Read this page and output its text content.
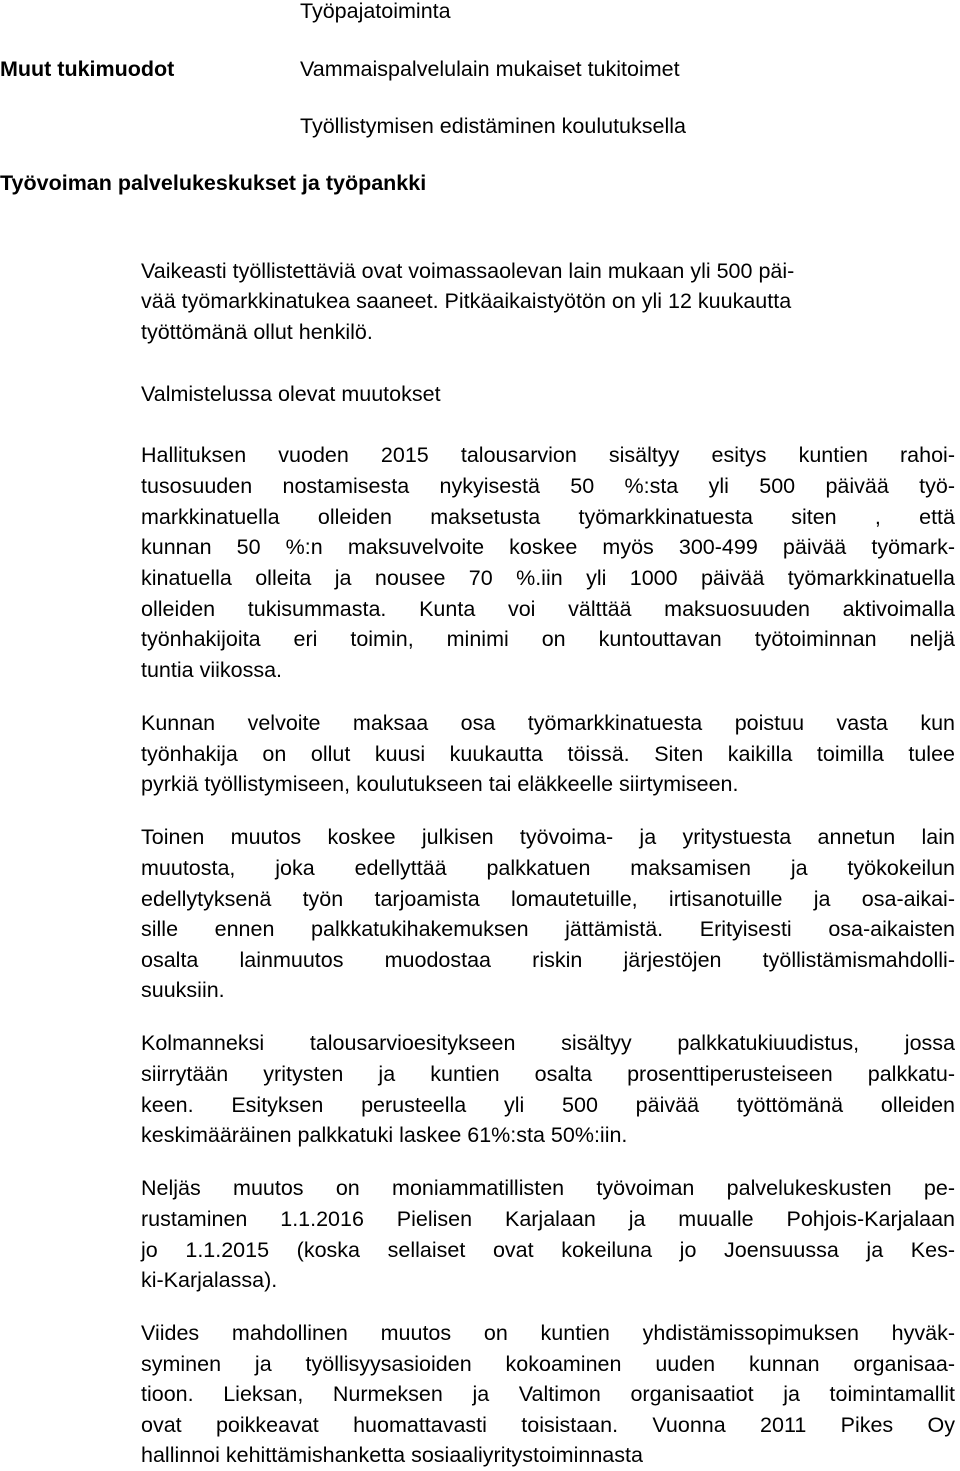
Työpajatoiminta
Muut tukimuodot	Vammaispalvelulain mukaiset tukitoimet
Työllistymisen edistäminen koulutuksella
Työvoiman palvelukeskukset ja työpankki
Vaikeasti työllistettäviä ovat voimassaolevan lain mukaan yli 500 päi-
vää työmarkkinatukea saaneet. Pitkäaikaistyötön on yli 12 kuukautta
työttömänä ollut henkilö.
Valmistelussa olevat muutokset
Hallituksen vuoden 2015 talousarvion sisältyy esitys kuntien rahoi-
tusosuuden nostamisesta nykyisestä 50 %:sta yli 500 päivää työ-
markkinatuella olleiden maksetusta työmarkkinatuesta siten , että
kunnan 50 %:n maksuvelvoite koskee myös 300-499 päivää työmark-
kinatuella olleita ja nousee 70 %.iin yli 1000 päivää työmarkkinatuella
olleiden tukisummasta. Kunta voi välttää maksuosuuden aktivoimalla
työnhakijoita eri toimin, minimi on kuntouttavan työtoiminnan neljä
tuntia viikossa.
Kunnan velvoite maksaa osa työmarkkinatuesta poistuu vasta kun
työnhakija on ollut kuusi kuukautta töissä. Siten kaikilla toimilla tulee
pyrkiä työllistymiseen, koulutukseen tai eläkkeelle siirtymiseen.
Toinen muutos koskee julkisen työvoima- ja yritystuesta annetun lain
muutosta, joka edellyttää palkkatuen maksamisen ja työkokeilun
edellytyksenä työn tarjoamista lomautetuille, irtisanotuille ja osa-aikai-
sille ennen palkkatukihakemuksen jättämistä. Erityisesti osa-aikaisten
osalta lainmuutos muodostaa riskin järjestöjen työllistämismahdolli-
suuksiin.
Kolmanneksi talousarvioesitykseen sisältyy palkkatukiuudistus, jossa
siirrytään yritysten ja kuntien osalta prosenttiperusteiseen palkkatu-
keen. Esityksen perusteella yli 500 päivää työttömänä olleiden
keskimääräinen palkkatuki laskee 61%:sta 50%:iin.
Neljäs muutos on moniammatillisten työvoiman palvelukeskusten pe-
rustaminen 1.1.2016 Pielisen Karjalaan ja muualle Pohjois-Karjalaan
jo 1.1.2015 (koska sellaiset ovat kokeiluna jo Joensuussa ja Kes-
ki-Karjalassa).
Viides mahdollinen muutos on kuntien yhdistämissopimuksen hyväk-
syminen ja työllisyysasioiden kokoaminen uuden kunnan organisaa-
tioon. Lieksan, Nurmeksen ja Valtimon organisaatiot ja toimintamallit
ovat poikkeavat huomattavasti toisistaan. Vuonna 2011 Pikes Oy
hallinnoi kehittämishanketta sosiaaliyritystoiminnasta
